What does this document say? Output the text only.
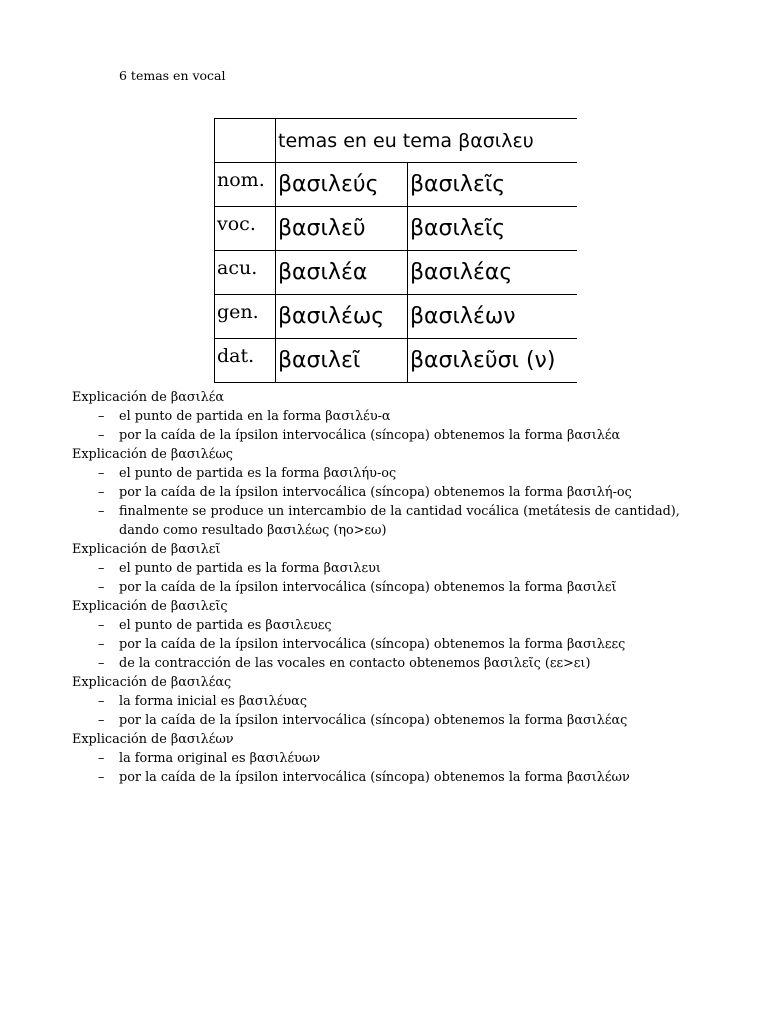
6 temas en vocal

	temas en eu tema βασιλευ	
nom.	βασιλεύς	βασιλεῖς
voc.	βασιλεῦ	βασιλεῖς
acu.	βασιλέα	βασιλέας
gen.	βασιλέως	βασιλέων
dat.	βασιλεῖ	βασιλεῦσι (ν)

Explicación de βασιλέα

– el punto de partida en la forma βασιλέυ-α
– por la caída de la ípsilon intervocálica (síncopa) obtenemos la forma βασιλέα

Explicación de βασιλέως

– el punto de partida es la forma βασιλήυ-ος
– por la caída de la ípsilon intervocálica (síncopa) obtenemos la forma βασιλή-ος
– finalmente se produce un intercambio de la cantidad vocálica (metátesis de cantidad), dando como resultado βασιλέως (ηο>εω)

Explicación de βασιλεῖ

– el punto de partida es la forma βασιλευι
– por la caída de la ípsilon intervocálica (síncopa) obtenemos la forma βασιλεῖ

Explicación de βασιλεῖς

– el punto de partida es βασιλευες
– por la caída de la ípsilon intervocálica (síncopa) obtenemos la forma βασιλεες
– de la contracción de las vocales en contacto obtenemos βασιλεῖς (εε>ει)

Explicación de βασιλέας

– la forma inicial es βασιλέυας
– por la caída de la ípsilon intervocálica (síncopa) obtenemos la forma βασιλέας

Explicación de βασιλέων

– la forma original es βασιλέυων
– por la caída de la ípsilon intervocálica (síncopa) obtenemos la forma βασιλέων
